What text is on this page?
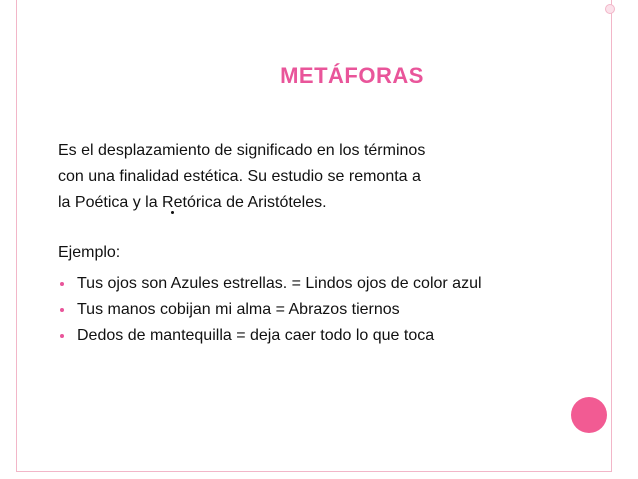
METÁFORAS
Es el desplazamiento de significado en los términos
con una finalidad estética. Su estudio se remonta a
la Poética y la Retórica de Aristóteles.
Ejemplo:
Tus ojos son Azules estrellas. = Lindos ojos de color azul
Tus manos cobijan mi alma = Abrazos tiernos
Dedos de mantequilla = deja caer todo lo que toca
